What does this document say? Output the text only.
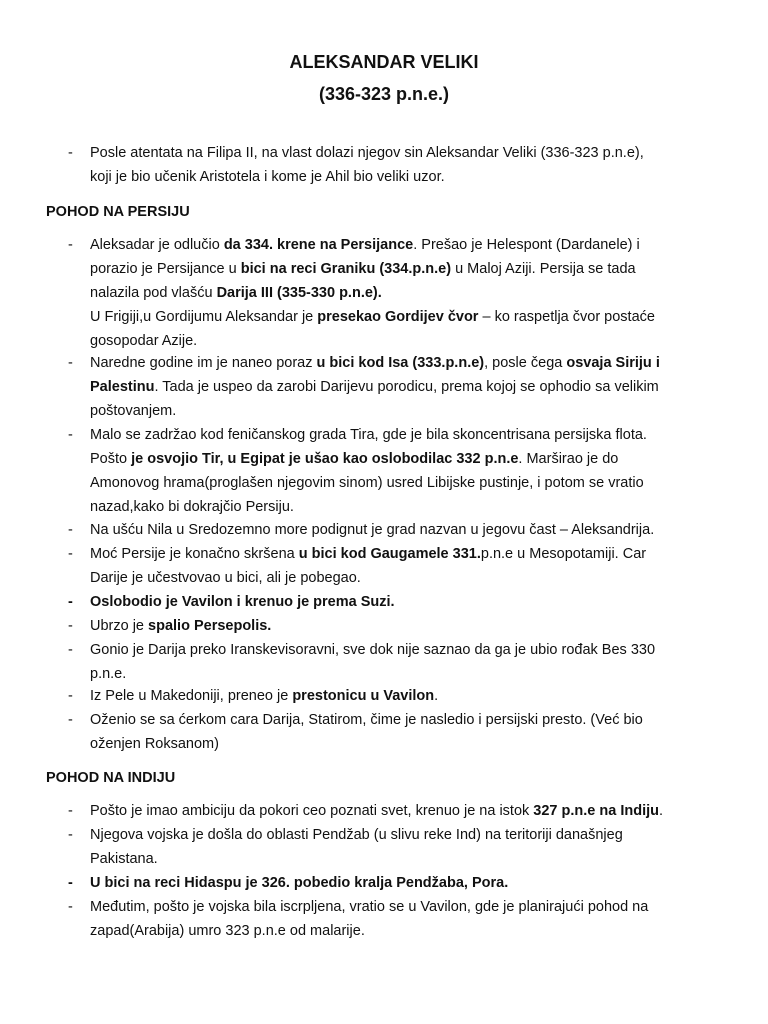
ALEKSANDAR VELIKI
(336-323 p.n.e.)
- Posle atentata na Filipa II, na vlast dolazi njegov sin Aleksandar Veliki (336-323 p.n.e),
koji je bio učenik Aristotela i kome je Ahil bio veliki uzor.
POHOD NA PERSIJU
- Aleksadar je odlučio da 334. krene na Persijance. Prešao je Helespont (Dardanele) i
porazio je Persijance u bici na reci Graniku (334.p.n.e) u Maloj Aziji. Persija se tada
nalazila pod vlašću Darija III (335-330 p.n.e).
U Frigiji,u Gordijumu Aleksandar je presekao Gordijev čvor – ko raspetlja čvor postaće
gosopodar Azije.
- Naredne godine im je naneo poraz u bici kod Isa (333.p.n.e), posle čega osvaja Siriju i
Palestinu. Tada je uspeo da zarobi Darijevu porodicu, prema kojoj se ophodio sa velikim
poštovanjem.
- Malo se zadržao kod feničanskog grada Tira, gde je bila skoncentrisana persijska flota.
Pošto je osvojio Tir, u Egipat je ušao kao oslobodilac 332 p.n.e. Marširao je do
Amonovog hrama(proglašen njegovim sinom) usred Libijske pustinje, i potom se vratio
nazad,kako bi dokrajčio Persiju.
- Na ušću Nila u Sredozemno more podignut je grad nazvan u jegovu čast – Aleksandrija.
- Moć Persije je konačno skršena u bici kod Gaugamele 331.p.n.e u Mesopotamiji. Car
Darije je učestvovao u bici, ali je pobegao.
- Oslobodio je Vavilon i krenuo je prema Suzi.
- Ubrzo je spalio Persepolis.
- Gonio je Darija preko Iranskevisoravni, sve dok nije saznao da ga je ubio rođak Bes 330
p.n.e.
- Iz Pele u Makedoniji, preneo je prestonicu u Vavilon.
- Oženio se sa ćerkom cara Darija, Statirom, čime je nasledio i persijski presto. (Već bio
oženjen Roksanom)
POHOD NA INDIJU
- Pošto je imao ambiciju da pokori ceo poznati svet, krenuo je na istok 327 p.n.e na Indiju.
- Njegova vojska je došla do oblasti Pendžab (u slivu reke Ind) na teritoriji današnjeg
Pakistana.
- U bici na reci Hidaspu je 326. pobedio kralja Pendžaba, Pora.
- Međutim, pošto je vojska bila iscrpljena, vratio se u Vavilon, gde je planirajući pohod na
zapad(Arabija) umro 323 p.n.e od malarije.
